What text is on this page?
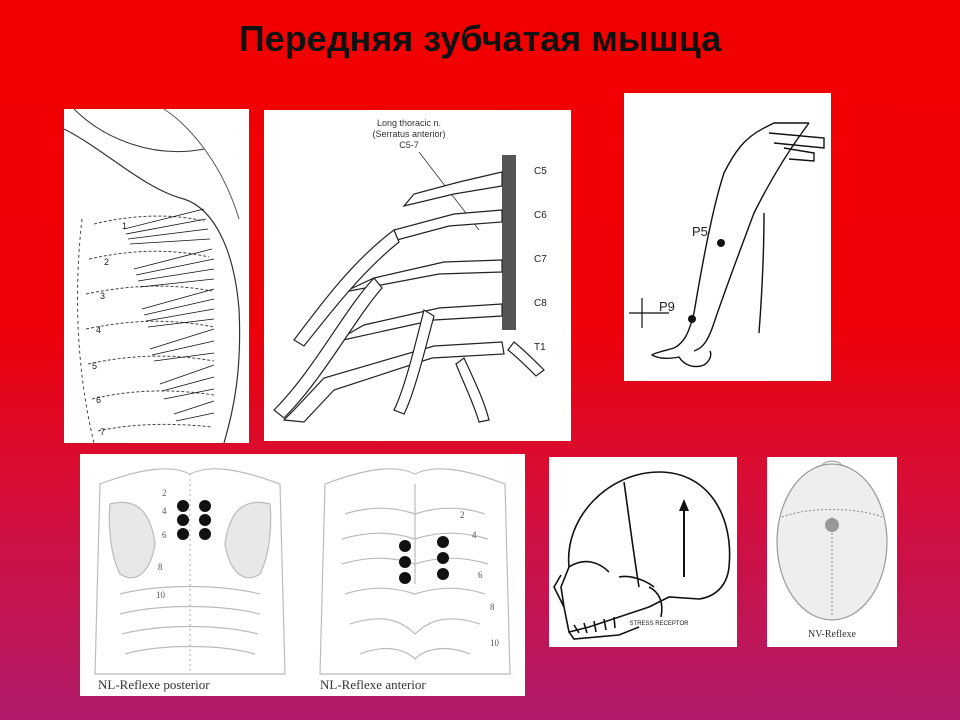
Передняя зубчатая мышца
1
2
3
4
5
6
7
Long thoracic n.
(Serratus anterior)
C5-7
C5
C6
C7
C8
T1
P5
P9
2
4
6
8
10
NL-Reflexe posterior
2
4
6
8
10
NL-Reflexe anterior
STRESS RECEPTOR
NV-Reflexe
